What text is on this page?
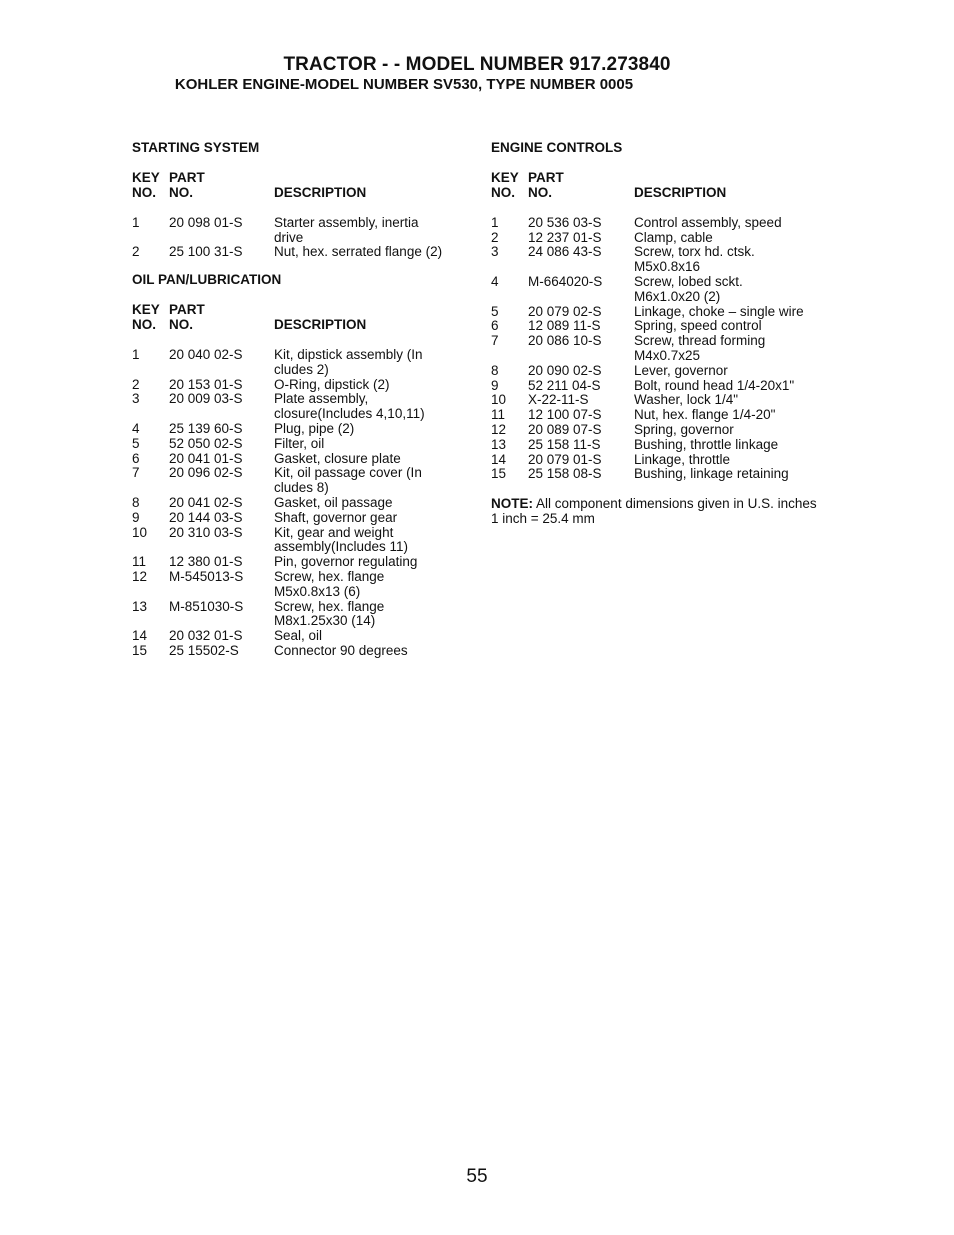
TRACTOR - - MODEL NUMBER 917.273840
KOHLER ENGINE-MODEL NUMBER SV530, TYPE NUMBER 0005
STARTING SYSTEM
KEY
NO.
PART
NO.	DESCRIPTION
1	20 098 01-S	Starter assembly, inertia
drive
2	25 100 31-S	Nut, hex. serrated flange (2)
OIL PAN/LUBRICATION
KEY
NO.
PART
NO.	DESCRIPTION
1	20 040 02-S	Kit, dipstick assembly (In
cludes 2)
2	20 153 01-S	O-Ring, dipstick (2)
3	20 009 03-S	Plate assembly,
closure(Includes 4,10,11)
4	25 139 60-S	Plug, pipe (2)
5	52 050 02-S	Filter, oil
6	20 041 01-S	Gasket, closure plate
7	20 096 02-S	Kit, oil passage cover (In
cludes 8)
8	20 041 02-S	Gasket, oil passage
9	20 144 03-S	Shaft, governor gear
10	20 310 03-S	Kit, gear and weight
assembly(Includes 11)
11	12 380 01-S	Pin, governor regulating
12	M-545013-S	Screw, hex. flange
M5x0.8x13 (6)
13	M-851030-S	Screw, hex. flange
M8x1.25x30 (14)
14	20 032 01-S	Seal, oil
15	25 15502-S	Connector 90 degrees
ENGINE CONTROLS
KEY
NO.
PART
NO.	DESCRIPTION
1	20 536 03-S	Control assembly, speed
2	12 237 01-S	Clamp, cable
3	24 086 43-S	Screw, torx hd. ctsk.
M5x0.8x16
4	M-664020-S	Screw, lobed sckt.
M6x1.0x20 (2)
5	20 079 02-S	Linkage, choke – single wire
6	12 089 11-S	Spring, speed control
7	20 086 10-S	Screw, thread forming
M4x0.7x25
8	20 090 02-S	Lever, governor
9	52 211 04-S	Bolt, round head 1/4-20x1"
10	X-22-11-S	Washer, lock 1/4"
11	12 100 07-S	Nut, hex. flange 1/4-20"
12	20 089 07-S	Spring, governor
13	25 158 11-S	Bushing, throttle linkage
14	20 079 01-S	Linkage, throttle
15	25 158 08-S	Bushing, linkage retaining
NOTE: All component dimensions given in U.S. inches 1 inch = 25.4 mm
55
